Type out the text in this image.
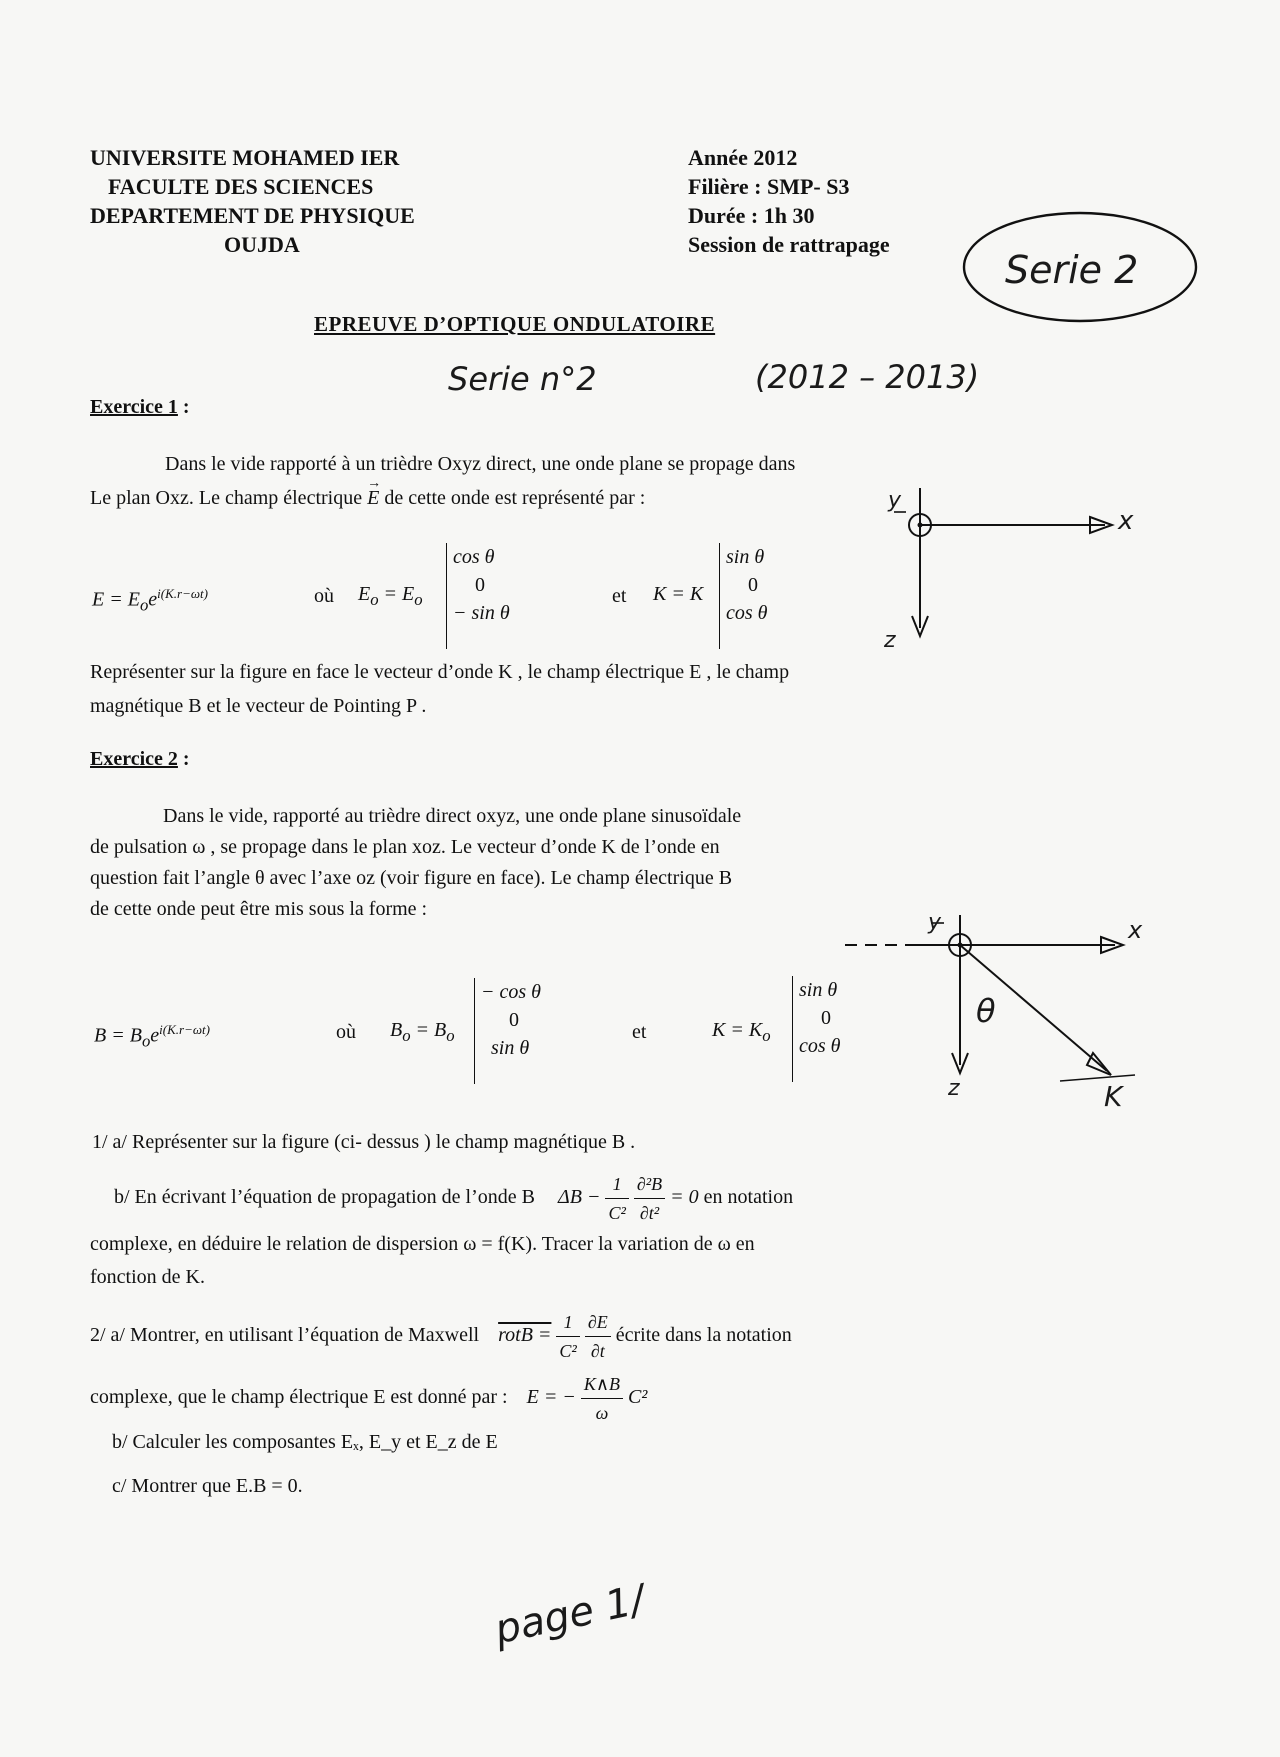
UNIVERSITE MOHAMED IER
FACULTE DES SCIENCES
DEPARTEMENT DE PHYSIQUE
OUJDA
Année 2012
Filière : SMP- S3
Durée : 1h 30
Session de rattrapage
Serie 2
EPREUVE D’OPTIQUE ONDULATOIRE
Serie n°2	(2012 – 2013)
Exercice 1 :
Dans le vide rapporté à un trièdre Oxyz direct, une onde plane se propage dans
Le plan Oxz. Le champ électrique → E de cette onde est représenté par :
$E = E_oe^{i(K.r-\omega t)}$	où $E_o = E_o$
cos θ
0
− sin θ
et K = K
sin θ
0
cos θ
y
x
z
Représenter sur la figure en face le vecteur d’onde K , le champ électrique E , le champ
magnétique B et le vecteur de Pointing P .
Exercice 2 :
Dans le vide, rapporté au trièdre direct oxyz, une onde plane sinusoïdale
de pulsation ω , se propage dans le plan xoz. Le vecteur d’onde K de l’onde en
question fait l’angle θ avec l’axe oz (voir figure en face). Le champ électrique B
de cette onde peut être mis sous la forme :
$B = B_oe^{i(K.r-\omega t)}$	où $B_o = B_o$
− cos θ
0
sin θ
et	$K = K_o$
sin θ
0
cos θ
y	x
z
θ
K
1/ a/ Représenter sur la figure (ci- dessus ) le champ magnétique B .
b/ En écrivant l’équation de propagation de l’onde B $\Delta B - \frac{1}{\text{C²}}$
$\frac{\text{∂²B}}{\text{∂t²}} = 0$ en notation
complexe, en déduire le relation de dispersion ω = f(K). Tracer la variation de ω en
fonction de K.
2/ a/ Montrer, en utilisant l’équation de Maxwell rotB = $\frac{1}{\text{C²}}$
$\frac{\partial E}{\partial t}$ écrite dans la notation
complexe, que le champ électrique E est donné par : E = − $\frac{K\wedge B}{\omega} C^2$
b/ Calculer les composantes Eₓ, E_y et E_z de E
c/ Montrer que E.B = 0.
page 1/
